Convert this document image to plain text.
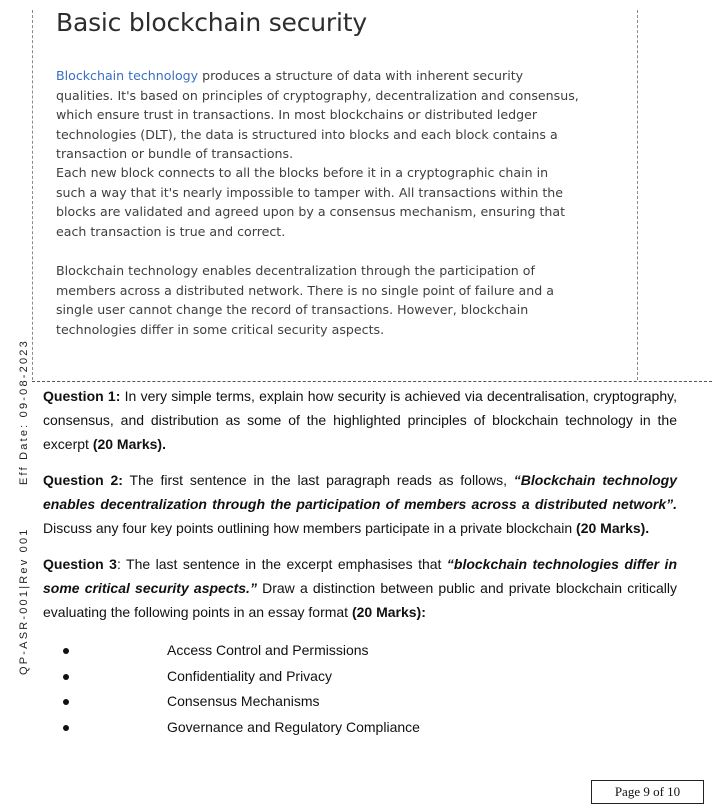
Basic blockchain security

Blockchain technology produces a structure of data with inherent security qualities. It's based on principles of cryptography, decentralization and consensus, which ensure trust in transactions. In most blockchains or distributed ledger technologies (DLT), the data is structured into blocks and each block contains a transaction or bundle of transactions.

Each new block connects to all the blocks before it in a cryptographic chain in such a way that it's nearly impossible to tamper with. All transactions within the blocks are validated and agreed upon by a consensus mechanism, ensuring that each transaction is true and correct.

Blockchain technology enables decentralization through the participation of members across a distributed network. There is no single point of failure and a single user cannot change the record of transactions. However, blockchain technologies differ in some critical security aspects.

Eff Date: 09-08-2023
QP-ASR-001|Rev 001

Question 1: In very simple terms, explain how security is achieved via decentralisation, cryptography, consensus, and distribution as some of the highlighted principles of blockchain technology in the excerpt (20 Marks).

Question 2: The first sentence in the last paragraph reads as follows, “Blockchain technology enables decentralization through the participation of members across a distributed network”. Discuss any four key points outlining how members participate in a private blockchain (20 Marks).

Question 3: The last sentence in the excerpt emphasises that “blockchain technologies differ in some critical security aspects.” Draw a distinction between public and private blockchain critically evaluating the following points in an essay format (20 Marks):

Access Control and Permissions
Confidentiality and Privacy
Consensus Mechanisms
Governance and Regulatory Compliance
Page 9 of 10
